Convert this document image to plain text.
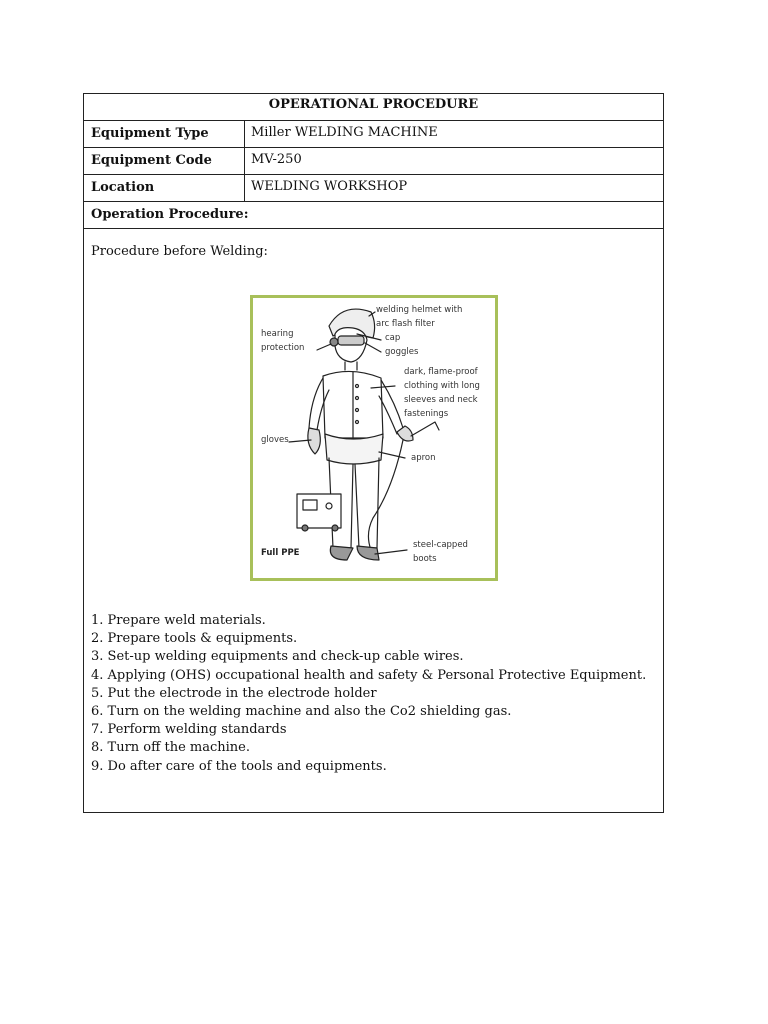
OPERATIONAL PROCEDURE
Equipment Type	Miller WELDING MACHINE
Equipment Code	MV-250
Location	WELDING WORKSHOP
Operation Procedure:
Procedure before Welding:
welding helmet with
arc flash filter
cap
goggles
hearing
protection
dark, flame-proof
clothing with long
sleeves and neck
fastenings
gloves
apron
steel-capped
boots
Full PPE
1. Prepare weld materials.
2. Prepare tools & equipments.
3. Set-up welding equipments and check-up cable wires.
4. Applying (OHS) occupational health and safety & Personal Protective Equipment.
5. Put the electrode in the electrode holder
6. Turn on the welding machine and also the Co2 shielding gas.
7. Perform welding standards
8. Turn off the machine.
9. Do after care of the tools and equipments.
